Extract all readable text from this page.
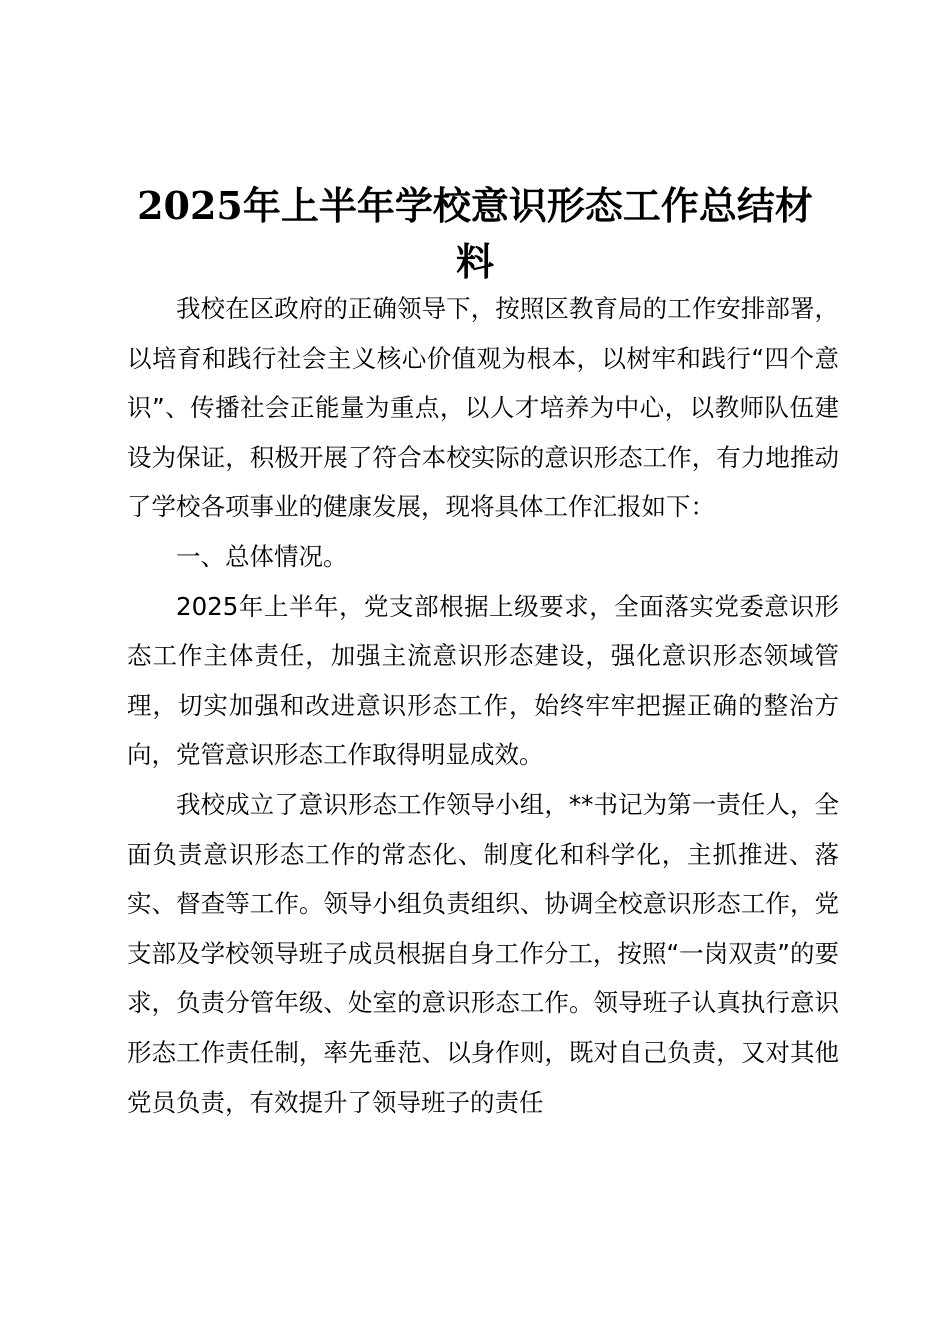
2025年上半年学校意识形态工作总结材料

我校在区政府的正确领导下，按照区教育局的工作安排部署，以培育和践行社会主义核心价值观为根本，以树牢和践行“四个意识”、传播社会正能量为重点，以人才培养为中心，以教师队伍建设为保证，积极开展了符合本校实际的意识形态工作，有力地推动了学校各项事业的健康发展，现将具体工作汇报如下：

一、总体情况。

2025年上半年，党支部根据上级要求，全面落实党委意识形态工作主体责任，加强主流意识形态建设，强化意识形态领域管理，切实加强和改进意识形态工作，始终牢牢把握正确的整治方向，党管意识形态工作取得明显成效。

我校成立了意识形态工作领导小组，**书记为第一责任人，全面负责意识形态工作的常态化、制度化和科学化，主抓推进、落实、督查等工作。领导小组负责组织、协调全校意识形态工作，党支部及学校领导班子成员根据自身工作分工，按照“一岗双责”的要求，负责分管年级、处室的意识形态工作。领导班子认真执行意识形态工作责任制，率先垂范、以身作则，既对自己负责，又对其他党员负责，有效提升了领导班子的责任
